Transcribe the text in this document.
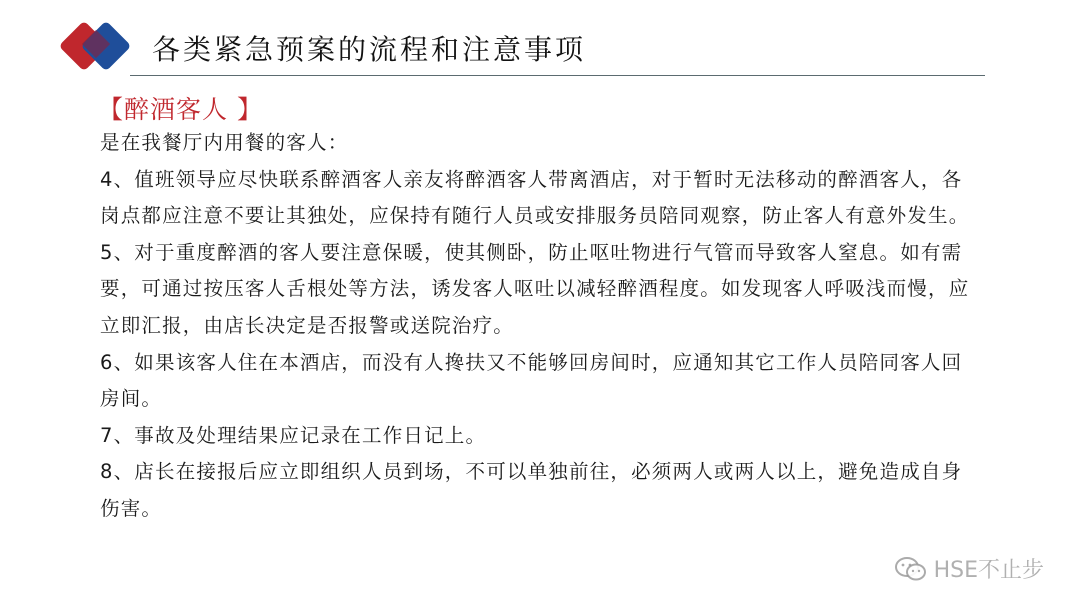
各类紧急预案的流程和注意事项
【醉酒客人 】

是在我餐厅内用餐的客人：

4、值班领导应尽快联系醉酒客人亲友将醉酒客人带离酒店，对于暂时无法移动的醉酒客人，各岗点都应注意不要让其独处，应保持有随行人员或安排服务员陪同观察，防止客人有意外发生。

5、对于重度醉酒的客人要注意保暖，使其侧卧，防止呕吐物进行气管而导致客人窒息。如有需要，可通过按压客人舌根处等方法，诱发客人呕吐以减轻醉酒程度。如发现客人呼吸浅而慢，应立即汇报，由店长决定是否报警或送院治疗。

6、如果该客人住在本酒店，而没有人搀扶又不能够回房间时，应通知其它工作人员陪同客人回房间。

7、事故及处理结果应记录在工作日记上。

8、店长在接报后应立即组织人员到场，不可以单独前往，必须两人或两人以上，避免造成自身伤害。

HSE不止步
